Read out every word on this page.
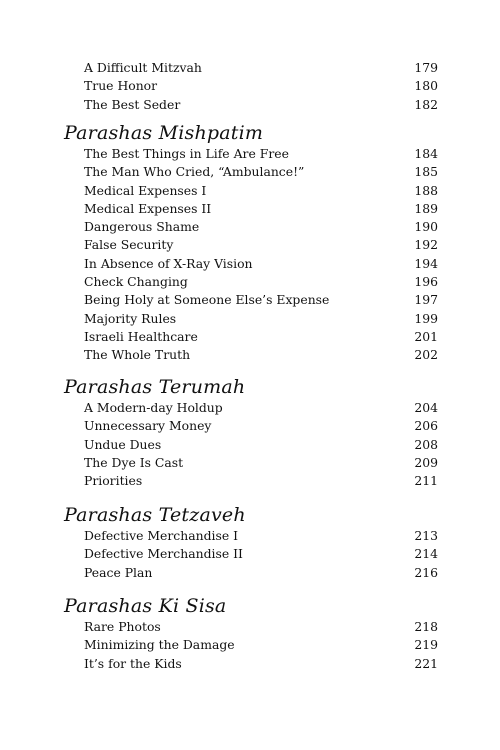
A Difficult Mitzvah	179
True Honor	180
The Best Seder	182
Parashas Mishpatim
The Best Things in Life Are Free	184
The Man Who Cried, “Ambulance!”	185
Medical Expenses I	188
Medical Expenses II	189
Dangerous Shame	190
False Security	192
In Absence of X-Ray Vision	194
Check Changing	196
Being Holy at Someone Else’s Expense	197
Majority Rules	199
Israeli Healthcare	201
The Whole Truth	202
Parashas Terumah
A Modern-day Holdup	204
Unnecessary Money	206
Undue Dues	208
The Dye Is Cast	209
Priorities	211
Parashas Tetzaveh
Defective Merchandise I	213
Defective Merchandise II	214
Peace Plan	216
Parashas Ki Sisa
Rare Photos	218
Minimizing the Damage	219
It’s for the Kids	221
